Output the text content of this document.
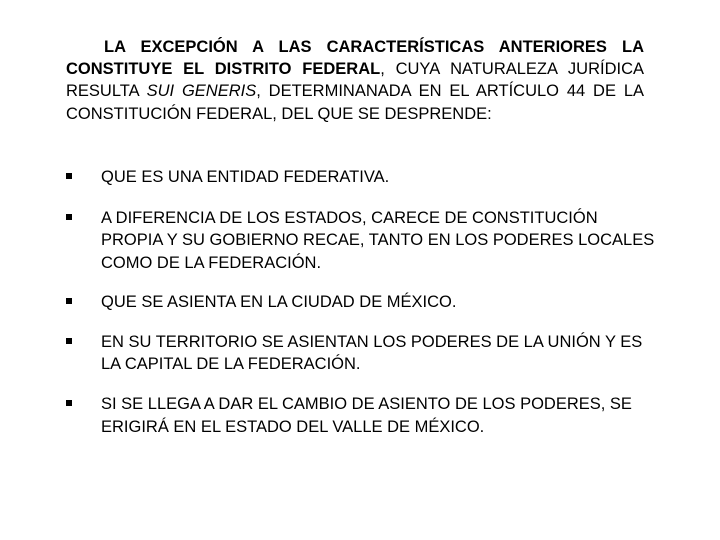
LA EXCEPCIÓN A LAS CARACTERÍSTICAS ANTERIORES LA CONSTITUYE EL DISTRITO FEDERAL, CUYA NATURALEZA JURÍDICA RESULTA SUI GENERIS, DETERMINANADA EN EL ARTÍCULO 44 DE LA CONSTITUCIÓN FEDERAL, DEL QUE SE DESPRENDE:

QUE ES UNA ENTIDAD FEDERATIVA.
A DIFERENCIA DE LOS ESTADOS, CARECE DE CONSTITUCIÓN PROPIA Y SU GOBIERNO RECAE, TANTO EN LOS PODERES LOCALES COMO DE LA FEDERACIÓN.
QUE SE ASIENTA EN LA CIUDAD DE MÉXICO.
EN SU TERRITORIO SE ASIENTAN LOS PODERES DE LA UNIÓN Y ES LA CAPITAL DE LA FEDERACIÓN.
SI SE LLEGA A DAR EL CAMBIO DE ASIENTO DE LOS PODERES, SE ERIGIRÁ EN EL ESTADO DEL VALLE DE MÉXICO.
